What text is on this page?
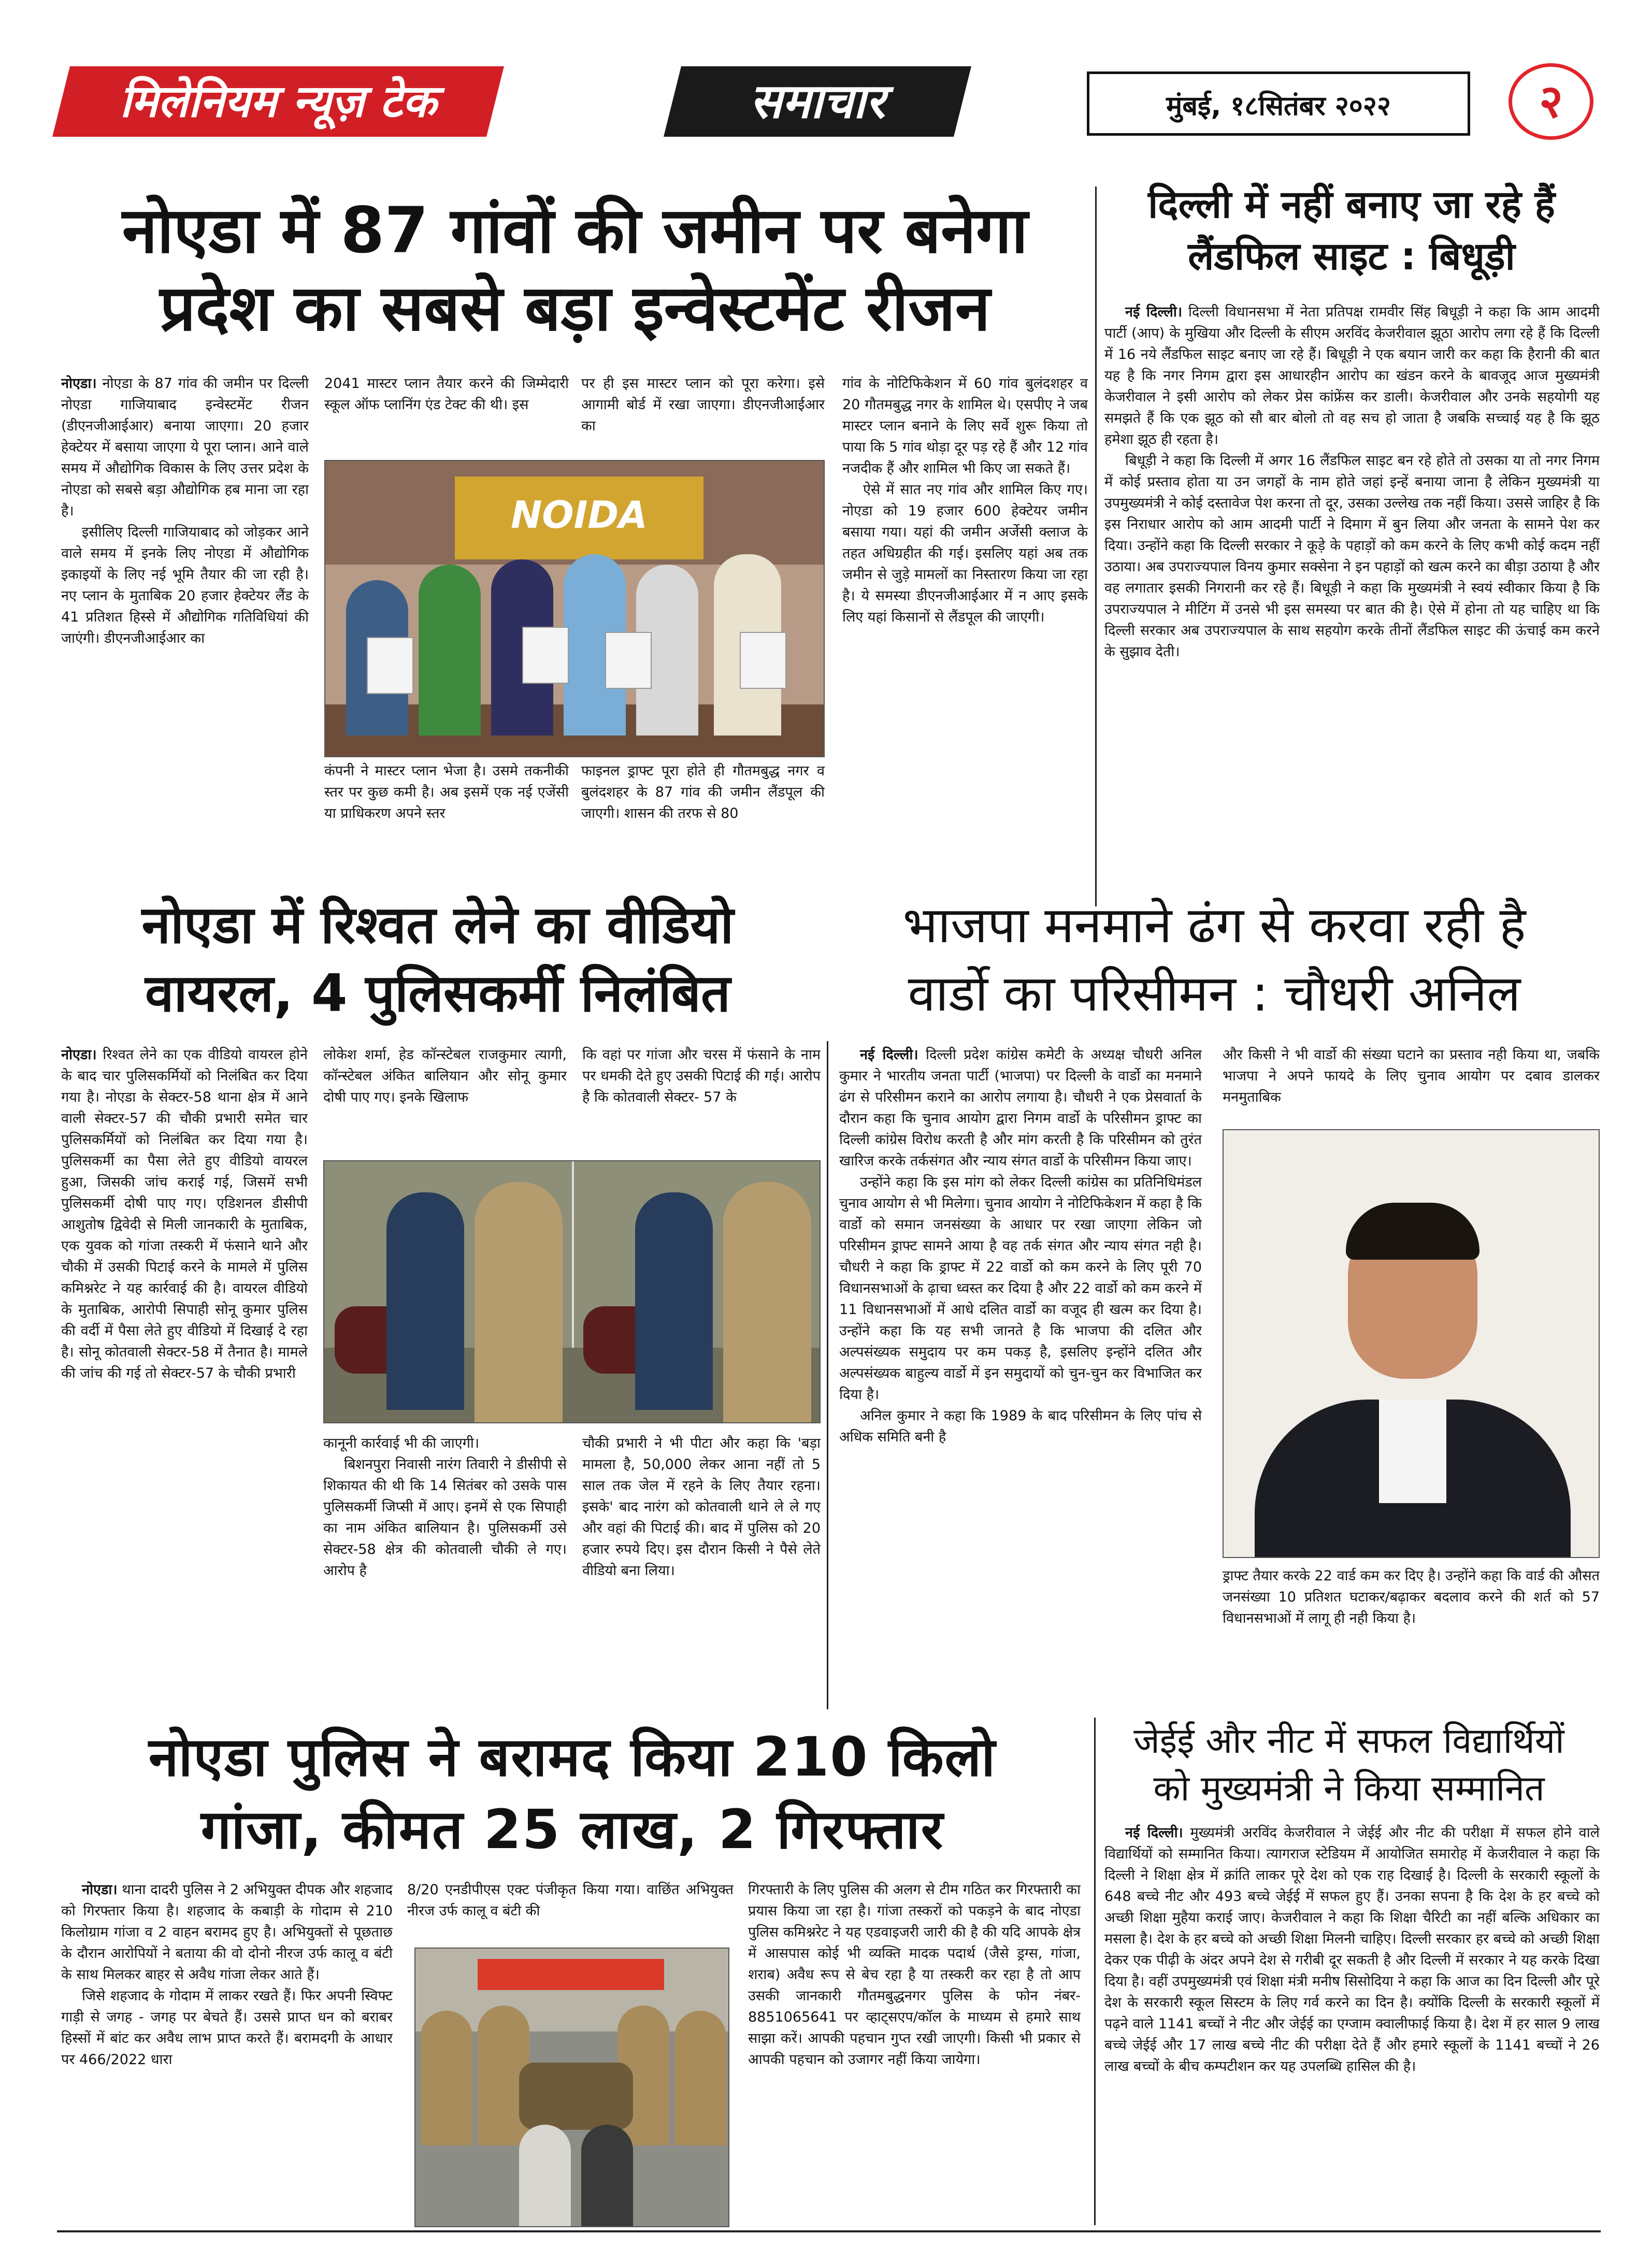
मिलेनियम न्यूज़ टेक	समाचार	मुंबई, १८सितंबर २०२२	२
नोएडा में 87 गांवों की जमीन पर बनेगा
प्रदेश का सबसे बड़ा इन्वेस्टमेंट रीजन

नोएडा। नोएडा के 87 गांव की जमीन पर दिल्ली नोएडा गाजियाबाद इन्वेस्टमेंट रीजन (डीएनजीआईआर) बनाया जाएगा। 20 हजार हेक्टेयर में बसाया जाएगा ये पूरा प्लान। आने वाले समय में औद्योगिक विकास के लिए उत्तर प्रदेश के नोएडा को सबसे बड़ा औद्योगिक हब माना जा रहा है।

इसीलिए दिल्ली गाजियाबाद को जोड़कर आने वाले समय में इनके लिए नोएडा में औद्योगिक इकाइयों के लिए नई भूमि तैयार की जा रही है। नए प्लान के मुताबिक 20 हजार हेक्टेयर लैंड के 41 प्रतिशत हिस्से में औद्योगिक गतिविधियां की जाएंगी। डीएनजीआईआर का

2041 मास्टर प्लान तैयार करने की जिम्मेदारी स्कूल ऑफ प्लानिंग एंड टेक्ट की थी। इस
पर ही इस मास्टर प्लान को पूरा करेगा। इसे आगामी बोर्ड में रखा जाएगा। डीएनजीआईआर का
NOIDA
कंपनी ने मास्टर प्लान भेजा है। उसमे तकनीकी स्तर पर कुछ कमी है। अब इसमें एक नई एजेंसी या प्राधिकरण अपने स्तर
फाइनल ड्राफ्ट पूरा होते ही गौतमबुद्ध नगर व बुलंदशहर के 87 गांव की जमीन लैंडपूल की जाएगी। शासन की तरफ से 80

गांव के नोटिफिकेशन में 60 गांव बुलंदशहर व 20 गौतमबुद्ध नगर के शामिल थे। एसपीए ने जब मास्टर प्लान बनाने के लिए सर्वे शुरू किया तो पाया कि 5 गांव थोड़ा दूर पड़ रहे हैं और 12 गांव नजदीक हैं और शामिल भी किए जा सकते हैं।

ऐसे में सात नए गांव और शामिल किए गए। नोएडा को 19 हजार 600 हेक्टेयर जमीन बसाया गया। यहां की जमीन अर्जेसी क्लाज के तहत अधिग्रहीत की गई। इसलिए यहां अब तक जमीन से जुड़े मामलों का निस्तारण किया जा रहा है। ये समस्या डीएनजीआईआर में न आए इसके लिए यहां किसानों से लैंडपूल की जाएगी।

दिल्ली में नहीं बनाए जा रहे हैं
लैंडफिल साइट : बिधूड़ी

नई दिल्ली। दिल्ली विधानसभा में नेता प्रतिपक्ष रामवीर सिंह बिधूड़ी ने कहा कि आम आदमी पार्टी (आप) के मुखिया और दिल्ली के सीएम अरविंद केजरीवाल झूठा आरोप लगा रहे हैं कि दिल्ली में 16 नये लैंडफिल साइट बनाए जा रहे हैं। बिधूड़ी ने एक बयान जारी कर कहा कि हैरानी की बात यह है कि नगर निगम द्वारा इस आधारहीन आरोप का खंडन करने के बावजूद आज मुख्यमंत्री केजरीवाल ने इसी आरोप को लेकर प्रेस कांफ्रेंस कर डाली। केजरीवाल और उनके सहयोगी यह समझते हैं कि एक झूठ को सौ बार बोलो तो वह सच हो जाता है जबकि सच्चाई यह है कि झूठ हमेशा झूठ ही रहता है।

बिधूड़ी ने कहा कि दिल्ली में अगर 16 लैंडफिल साइट बन रहे होते तो उसका या तो नगर निगम में कोई प्रस्ताव होता या उन जगहों के नाम होते जहां इन्हें बनाया जाना है लेकिन मुख्यमंत्री या उपमुख्यमंत्री ने कोई दस्तावेज पेश करना तो दूर, उसका उल्लेख तक नहीं किया। उससे जाहिर है कि इस निराधार आरोप को आम आदमी पार्टी ने दिमाग में बुन लिया और जनता के सामने पेश कर दिया। उन्होंने कहा कि दिल्ली सरकार ने कूड़े के पहाड़ों को कम करने के लिए कभी कोई कदम नहीं उठाया। अब उपराज्यपाल विनय कुमार सक्सेना ने इन पहाड़ों को खत्म करने का बीड़ा उठाया है और वह लगातार इसकी निगरानी कर रहे हैं। बिधूड़ी ने कहा कि मुख्यमंत्री ने स्वयं स्वीकार किया है कि उपराज्यपाल ने मीटिंग में उनसे भी इस समस्या पर बात की है। ऐसे में होना तो यह चाहिए था कि दिल्ली सरकार अब उपराज्यपाल के साथ सहयोग करके तीनों लैंडफिल साइट की ऊंचाई कम करने के सुझाव देती।

नोएडा में रिश्वत लेने का वीडियो
वायरल, 4 पुलिसकर्मी निलंबित

नोएडा। रिश्वत लेने का एक वीडियो वायरल होने के बाद चार पुलिसकर्मियों को निलंबित कर दिया गया है। नोएडा के सेक्टर-58 थाना क्षेत्र में आने वाली सेक्टर-57 की चौकी प्रभारी समेत चार पुलिसकर्मियों को निलंबित कर दिया गया है। पुलिसकर्मी का पैसा लेते हुए वीडियो वायरल हुआ, जिसकी जांच कराई गई, जिसमें सभी पुलिसकर्मी दोषी पाए गए। एडिशनल डीसीपी आशुतोष द्विवेदी से मिली जानकारी के मुताबिक, एक युवक को गांजा तस्करी में फंसाने थाने और चौकी में उसकी पिटाई करने के मामले में पुलिस कमिश्नरेट ने यह कार्रवाई की है। वायरल वीडियो के मुताबिक, आरोपी सिपाही सोनू कुमार पुलिस की वर्दी में पैसा लेते हुए वीडियो में दिखाई दे रहा है। सोनू कोतवाली सेक्टर-58 में तैनात है। मामले की जांच की गई तो सेक्टर-57 के चौकी प्रभारी

लोकेश शर्मा, हेड कॉन्स्टेबल राजकुमार त्यागी, कॉन्स्टेबल अंकित बालियान और सोनू कुमार दोषी पाए गए। इनके खिलाफ
कि वहां पर गांजा और चरस में फंसाने के नाम पर धमकी देते हुए उसकी पिटाई की गई। आरोप है कि कोतवाली सेक्टर- 57 के

कानूनी कार्रवाई भी की जाएगी।

बिशनपुरा निवासी नारंग तिवारी ने डीसीपी से शिकायत की थी कि 14 सितंबर को उसके पास पुलिसकर्मी जिप्सी में आए। इनमें से एक सिपाही का नाम अंकित बालियान है। पुलिसकर्मी उसे सेक्टर-58 क्षेत्र की कोतवाली चौकी ले गए। आरोप है

चौकी प्रभारी ने भी पीटा और कहा कि 'बड़ा मामला है, 50,000 लेकर आना नहीं तो 5 साल तक जेल में रहने के लिए तैयार रहना। इसके' बाद नारंग को कोतवाली थाने ले ले गए और वहां की पिटाई की। बाद में पुलिस को 20 हजार रुपये दिए। इस दौरान किसी ने पैसे लेते वीडियो बना लिया।
भाजपा मनमाने ढंग से करवा रही है
वार्डो का परिसीमन : चौधरी अनिल

नई दिल्ली। दिल्ली प्रदेश कांग्रेस कमेटी के अध्यक्ष चौधरी अनिल कुमार ने भारतीय जनता पार्टी (भाजपा) पर दिल्ली के वार्डो का मनमाने ढंग से परिसीमन कराने का आरोप लगाया है। चौधरी ने एक प्रेसवार्ता के दौरान कहा कि चुनाव आयोग द्वारा निगम वार्डो के परिसीमन ड्राफ्ट का दिल्ली कांग्रेस विरोध करती है और मांग करती है कि परिसीमन को तुरंत खारिज करके तर्कसंगत और न्याय संगत वार्डो के परिसीमन किया जाए।

उन्होंने कहा कि इस मांग को लेकर दिल्ली कांग्रेस का प्रतिनिधिमंडल चुनाव आयोग से भी मिलेगा। चुनाव आयोग ने नोटिफिकेशन में कहा है कि वार्डो को समान जनसंख्या के आधार पर रखा जाएगा लेकिन जो परिसीमन ड्राफ्ट सामने आया है वह तर्क संगत और न्याय संगत नही है।चौधरी ने कहा कि ड्राफ्ट में 22 वार्डो को कम करने के लिए पूरी 70 विधानसभाओं के ढ़ाचा ध्वस्त कर दिया है और 22 वार्डो को कम करने में 11 विधानसभाओं में आधे दलित वार्डो का वजूद ही खत्म कर दिया है। उन्होंने कहा कि यह सभी जानते है कि भाजपा की दलित और अल्पसंख्यक समुदाय पर कम पकड़ है, इसलिए इन्होंने दलित और अल्पसंख्यक बाहुल्य वार्डो में इन समुदायों को चुन-चुन कर विभाजित कर दिया है।

अनिल कुमार ने कहा कि 1989 के बाद परिसीमन के लिए पांच से अधिक समिति बनी है

और किसी ने भी वार्डो की संख्या घटाने का प्रस्ताव नही किया था, जबकि भाजपा ने अपने फायदे के लिए चुनाव आयोग पर दबाव डालकर मनमुताबिक
ड्राफ्ट तैयार करके 22 वार्ड कम कर दिए है। उन्होंने कहा कि वार्ड की औसत जनसंख्या 10 प्रतिशत घटाकर/बढ़ाकर बदलाव करने की शर्त को 57 विधानसभाओं में लागू ही नही किया है।
नोएडा पुलिस ने बरामद किया 210 किलो
गांजा, कीमत 25 लाख, 2 गिरफ्तार

नोएडा। थाना दादरी पुलिस ने 2 अभियुक्त दीपक और शहजाद को गिरफ्तार किया है। शहजाद के कबाड़ी के गोदाम से 210 किलोग्राम गांजा व 2 वाहन बरामद हुए है। अभियुक्तों से पूछताछ के दौरान आरोपियों ने बताया की वो दोनो नीरज उर्फ कालू व बंटी के साथ मिलकर बाहर से अवैध गांजा लेकर आते हैं।

जिसे शहजाद के गोदाम में लाकर रखते हैं। फिर अपनी स्विफ्ट गाड़ी से जगह - जगह पर बेचते हैं। उससे प्राप्त धन को बराबर हिस्सों में बांट कर अवैध लाभ प्राप्त करते हैं। बरामदगी के आधार पर 466/2022 धारा

8/20 एनडीपीएस एक्ट पंजीकृत किया गया। वाछिंत अभियुक्त नीरज उर्फ कालू व बंटी की
गिरफ्तारी के लिए पुलिस की अलग से टीम गठित कर गिरफ्तारी का प्रयास किया जा रहा है। गांजा तस्करों को पकड़ने के बाद नोएडा पुलिस कमिश्नरेट ने यह एडवाइजरी जारी की है की यदि आपके क्षेत्र में आसपास कोई भी व्यक्ति मादक पदार्थ (जैसे ड्रग्स, गांजा, शराब) अवैध रूप से बेच रहा है या तस्करी कर रहा है तो आप उसकी जानकारी गौतमबुद्धनगर पुलिस के फोन नंबर- 8851065641 पर व्हाट्सएप/कॉल के माध्यम से हमारे साथ साझा करें। आपकी पहचान गुप्त रखी जाएगी। किसी भी प्रकार से आपकी पहचान को उजागर नहीं किया जायेगा।
जेईई और नीट में सफल विद्यार्थियों
को मुख्यमंत्री ने किया सम्मानित

नई दिल्ली। मुख्यमंत्री अरविंद केजरीवाल ने जेईई और नीट की परीक्षा में सफल होने वाले विद्यार्थियों को सम्मानित किया। त्यागराज स्टेडियम में आयोजित समारोह में केजरीवाल ने कहा कि दिल्ली ने शिक्षा क्षेत्र में क्रांति लाकर पूरे देश को एक राह दिखाई है। दिल्ली के सरकारी स्कूलों के 648 बच्चे नीट और 493 बच्चे जेईई में सफल हुए हैं। उनका सपना है कि देश के हर बच्चे को अच्छी शिक्षा मुहैया कराई जाए। केजरीवाल ने कहा कि शिक्षा चैरिटी का नहीं बल्कि अधिकार का मसला है। देश के हर बच्चे को अच्छी शिक्षा मिलनी चाहिए। दिल्ली सरकार हर बच्चे को अच्छी शिक्षा देकर एक पीढ़ी के अंदर अपने देश से गरीबी दूर सकती है और दिल्ली में सरकार ने यह करके दिखा दिया है। वहीं उपमुख्यमंत्री एवं शिक्षा मंत्री मनीष सिसोदिया ने कहा कि आज का दिन दिल्ली और पूरे देश के सरकारी स्कूल सिस्टम के लिए गर्व करने का दिन है। क्योंकि दिल्ली के सरकारी स्कूलों में पढ़ने वाले 1141 बच्चों ने नीट और जेईई का एग्जाम क्वालीफाई किया है। देश में हर साल 9 लाख बच्चे जेईई और 17 लाख बच्चे नीट की परीक्षा देते हैं और हमारे स्कूलों के 1141 बच्चों ने 26 लाख बच्चों के बीच कम्पटीशन कर यह उपलब्धि हासिल की है।
